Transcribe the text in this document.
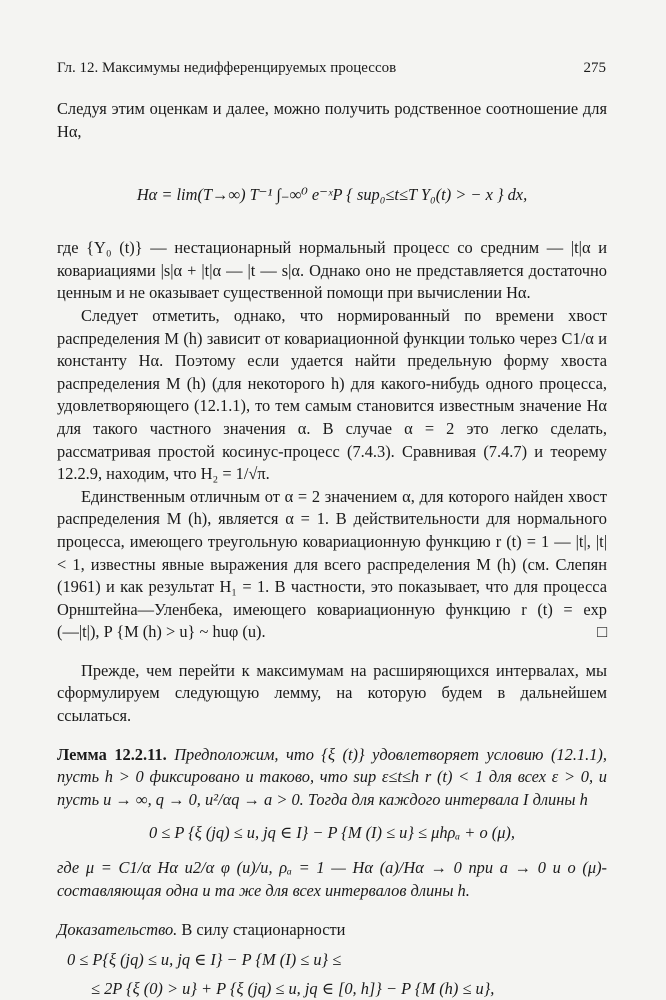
Гл. 12. Максимумы недифференцируемых процессов	275

Следуя этим оценкам и далее, можно получить родственное соотношение для Hα,

Hα = lim(T→∞) T⁻¹ ∫₋∞⁰ e⁻ˣP { sup₀≤t≤T Y₀(t) > − x } dx,

где {Y₀ (t)} — нестационарный нормальный процесс со средним — |t|α и ковариациями |s|α + |t|α — |t — s|α. Однако оно не представляется достаточно ценным и не оказывает существенной помощи при вычислении Hα.

Следует отметить, однако, что нормированный по времени хвост распределения M (h) зависит от ковариационной функции только через C1/α и константу Hα. Поэтому если удается найти предельную форму хвоста распределения M (h) (для некоторого h) для какого-нибудь одного процесса, удовлетворяющего (12.1.1), то тем самым становится известным значение Hα для такого частного значения α. В случае α = 2 это легко сделать, рассматривая простой косинус-процесс (7.4.3). Сравнивая (7.4.7) и теорему 12.2.9, находим, что H₂ = 1/√π.

Единственным отличным от α = 2 значением α, для которого найден хвост распределения M (h), является α = 1. В действительности для нормального процесса, имеющего треугольную ковариационную функцию r (t) = 1 — |t|, |t| < 1, известны явные выражения для всего распределения M (h) (см. Слепян (1961) и как результат H₁ = 1. В частности, это показывает, что для процесса Орнштейна—Уленбека, имеющего ковариационную функцию r (t) = exp (—|t|), P {M (h) > u} ~ huφ (u).	□

Прежде, чем перейти к максимумам на расширяющихся интервалах, мы сформулируем следующую лемму, на которую будем в дальнейшем ссылаться.

Лемма 12.2.11. Предположим, что {ξ (t)} удовлетворяет условию (12.1.1), пусть h > 0 фиксировано и таково, что sup ε≤t≤h r (t) < 1 для всех ε > 0, и пусть u → ∞, q → 0, u²/αq → a > 0. Тогда для каждого интервала I длины h

0 ≤ P {ξ (jq) ≤ u, jq ∈ I} − P {M (I) ≤ u} ≤ μhρₐ + o (μ),

где μ = C1/α Hα u2/α φ (u)/u, ρₐ = 1 — Hα (a)/Hα → 0 при a → 0 и o (μ)-составляющая одна и та же для всех интервалов длины h.

Доказательство. В силу стационарности

0 ≤ P{ξ (jq) ≤ u, jq ∈ I} − P {M (I) ≤ u} ≤
≤ 2P {ξ (0) > u} + P {ξ (jq) ≤ u, jq ∈ [0, h]} − P {M (h) ≤ u},
